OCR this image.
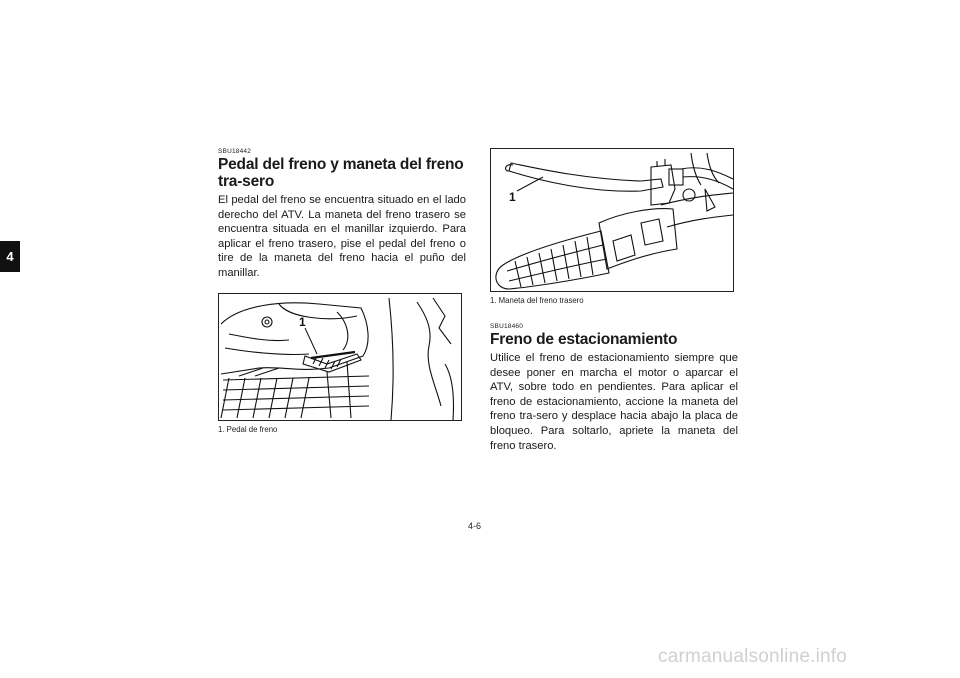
4

SBU18442

Pedal del freno y maneta del freno tra-sero

El pedal del freno se encuentra situado en el lado derecho del ATV. La maneta del freno trasero se encuentra situada en el manillar izquierdo. Para aplicar el freno trasero, pise el pedal del freno o tire de la maneta del freno hacia el puño del manillar.

1
1. Pedal de freno
1
1. Maneta del freno trasero

SBU18460

Freno de estacionamiento

Utilice el freno de estacionamiento siempre que desee poner en marcha el motor o aparcar el ATV, sobre todo en pendientes. Para aplicar el freno de estacionamiento, accione la maneta del freno tra-sero y desplace hacia abajo la placa de bloqueo. Para soltarlo, apriete la maneta del freno trasero.

4-6
carmanualsonline.info
